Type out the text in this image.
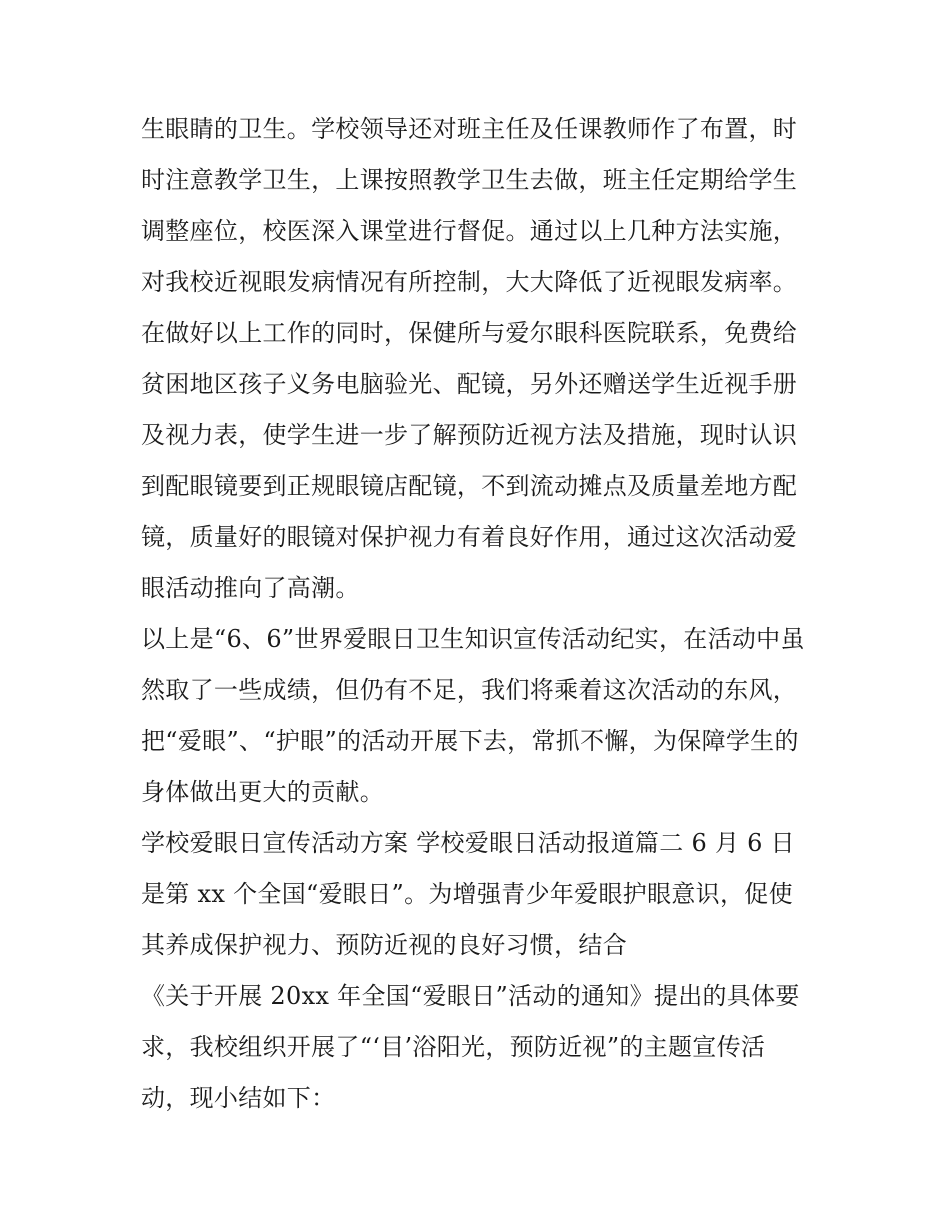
生眼睛的卫生。学校领导还对班主任及任课教师作了布置，时
时注意教学卫生，上课按照教学卫生去做，班主任定期给学生
调整座位，校医深入课堂进行督促。通过以上几种方法实施，
对我校近视眼发病情况有所控制，大大降低了近视眼发病率。
在做好以上工作的同时，保健所与爱尔眼科医院联系，免费给
贫困地区孩子义务电脑验光、配镜，另外还赠送学生近视手册
及视力表，使学生进一步了解预防近视方法及措施，现时认识
到配眼镜要到正规眼镜店配镜，不到流动摊点及质量差地方配
镜，质量好的眼镜对保护视力有着良好作用，通过这次活动爱
眼活动推向了高潮。
以上是“6、6”世界爱眼日卫生知识宣传活动纪实，在活动中虽
然取了一些成绩，但仍有不足，我们将乘着这次活动的东风，
把“爱眼”、“护眼”的活动开展下去，常抓不懈，为保障学生的
身体做出更大的贡献。
学校爱眼日宣传活动方案 学校爱眼日活动报道篇二 6 月 6 日
是第 xx 个全国“爱眼日”。为增强青少年爱眼护眼意识，促使
其养成保护视力、预防近视的良好习惯，结合
《关于开展 20xx 年全国“爱眼日”活动的通知》提出的具体要
求，我校组织开展了“‘目’浴阳光，预防近视”的主题宣传活
动，现小结如下：
